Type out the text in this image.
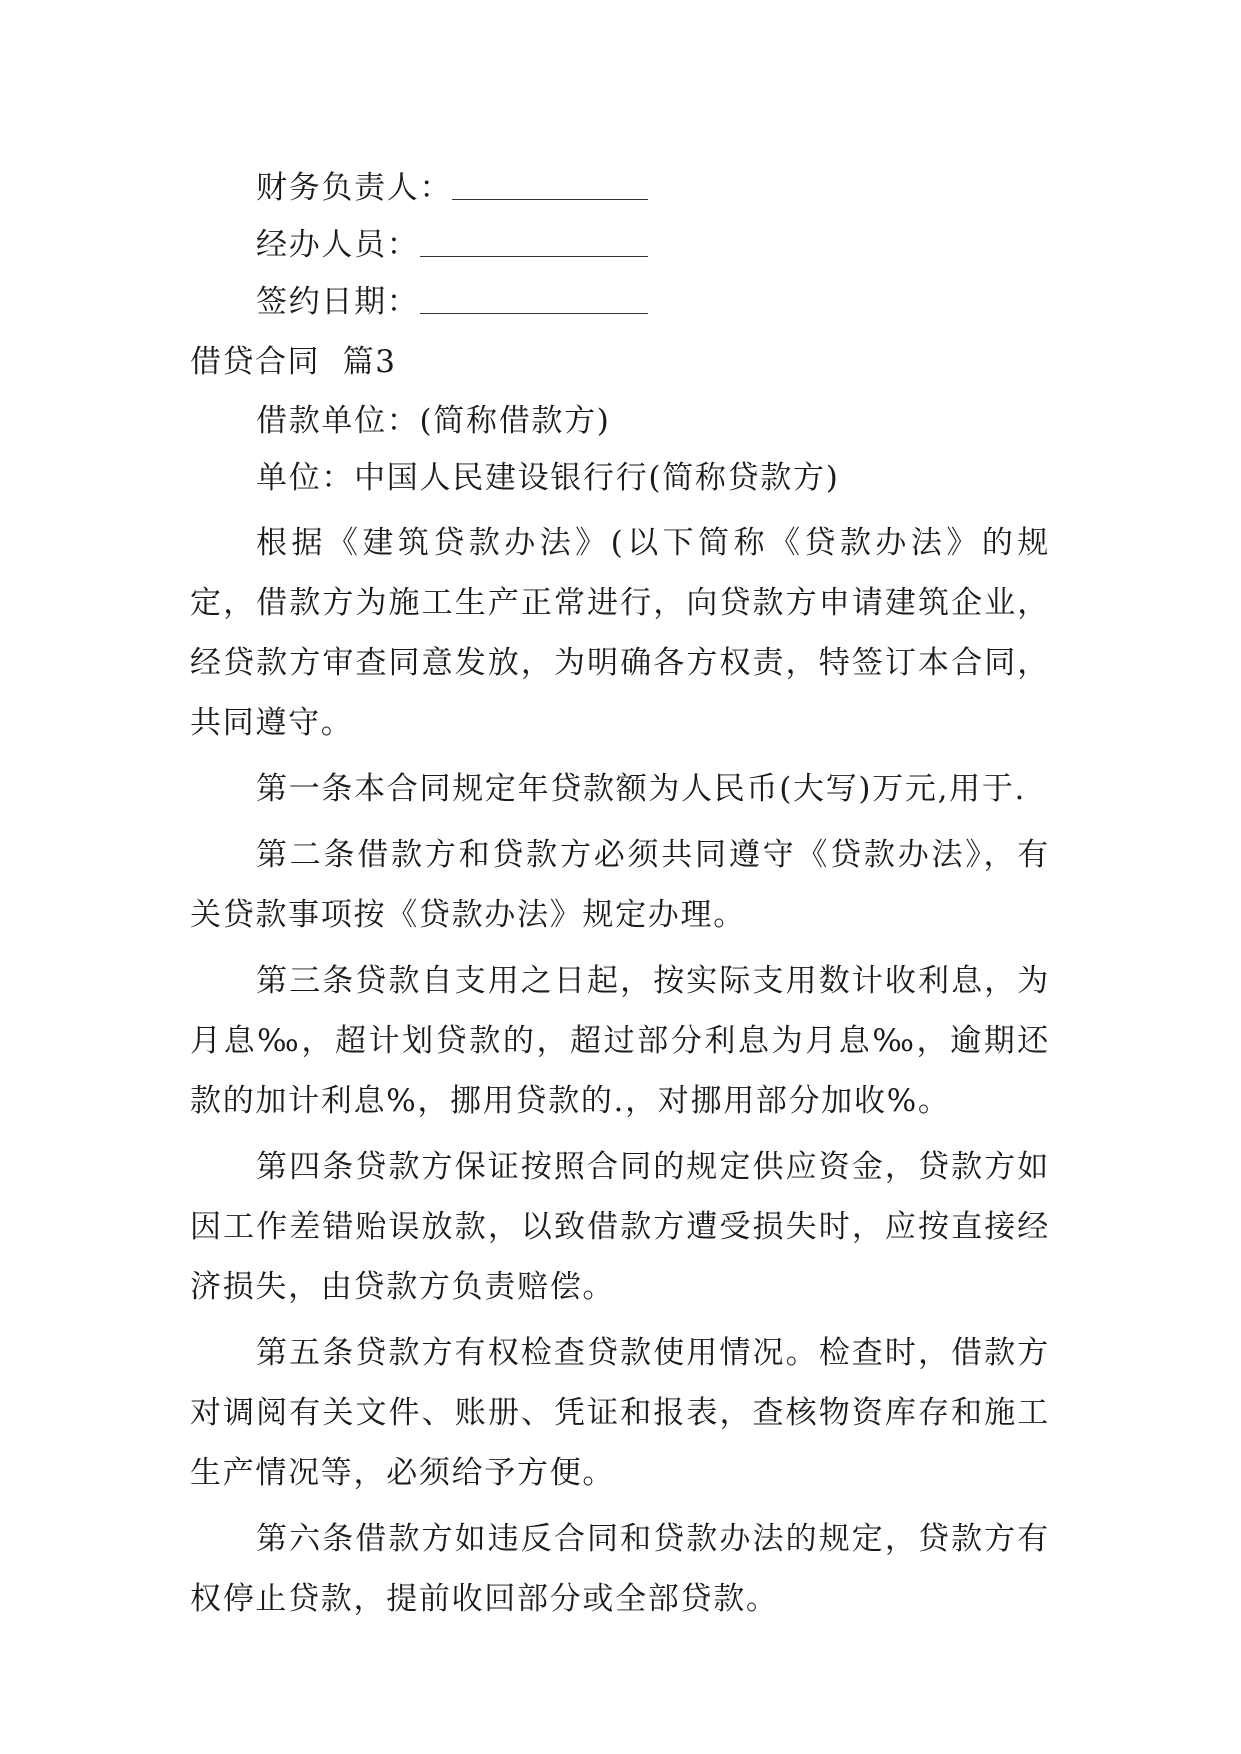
财务负责人：
经办人员：
签约日期：
借贷合同  篇3
借款单位：(简称借款方)
单位：中国人民建设银行行(简称贷款方)

根据《建筑贷款办法》(以下简称《贷款办法》的规定，借款方为施工生产正常进行，向贷款方申请建筑企业，经贷款方审查同意发放，为明确各方权责，特签订本合同，共同遵守。

第一条本合同规定年贷款额为人民币(大写)万元,用于.

第二条借款方和贷款方必须共同遵守《贷款办法》，有关贷款事项按《贷款办法》规定办理。

第三条贷款自支用之日起，按实际支用数计收利息，为月息‰，超计划贷款的，超过部分利息为月息‰，逾期还款的加计利息%，挪用贷款的.，对挪用部分加收%。

第四条贷款方保证按照合同的规定供应资金，贷款方如因工作差错贻误放款，以致借款方遭受损失时，应按直接经济损失，由贷款方负责赔偿。

第五条贷款方有权检查贷款使用情况。检查时，借款方对调阅有关文件、账册、凭证和报表，查核物资库存和施工生产情况等，必须给予方便。

第六条借款方如违反合同和贷款办法的规定，贷款方有权停止贷款，提前收回部分或全部贷款。
